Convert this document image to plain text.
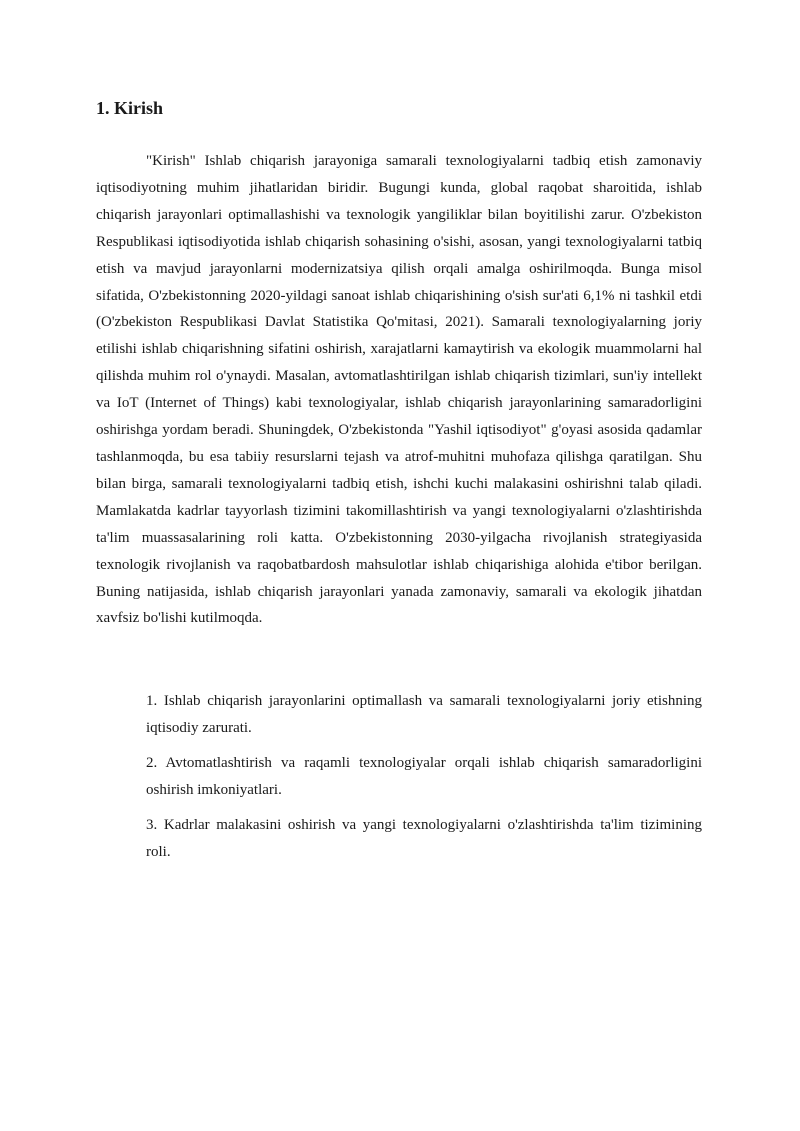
1. Kirish

"Kirish" Ishlab chiqarish jarayoniga samarali texnologiyalarni tadbiq etish zamonaviy iqtisodiyotning muhim jihatlaridan biridir. Bugungi kunda, global raqobat sharoitida, ishlab chiqarish jarayonlari optimallashishi va texnologik yangiliklar bilan boyitilishi zarur. O'zbekiston Respublikasi iqtisodiyotida ishlab chiqarish sohasining o'sishi, asosan, yangi texnologiyalarni tatbiq etish va mavjud jarayonlarni modernizatsiya qilish orqali amalga oshirilmoqda. Bunga misol sifatida, O'zbekistonning 2020-yildagi sanoat ishlab chiqarishining o'sish sur'ati 6,1% ni tashkil etdi (O'zbekiston Respublikasi Davlat Statistika Qo'mitasi, 2021). Samarali texnologiyalarning joriy etilishi ishlab chiqarishning sifatini oshirish, xarajatlarni kamaytirish va ekologik muammolarni hal qilishda muhim rol o'ynaydi. Masalan, avtomatlashtirilgan ishlab chiqarish tizimlari, sun'iy intellekt va IoT (Internet of Things) kabi texnologiyalar, ishlab chiqarish jarayonlarining samaradorligini oshirishga yordam beradi. Shuningdek, O'zbekistonda "Yashil iqtisodiyot" g'oyasi asosida qadamlar tashlanmoqda, bu esa tabiiy resurslarni tejash va atrof-muhitni muhofaza qilishga qaratilgan. Shu bilan birga, samarali texnologiyalarni tadbiq etish, ishchi kuchi malakasini oshirishni talab qiladi. Mamlakatda kadrlar tayyorlash tizimini takomillashtirish va yangi texnologiyalarni o'zlashtirishda ta'lim muassasalarining roli katta. O'zbekistonning 2030-yilgacha rivojlanish strategiyasida texnologik rivojlanish va raqobatbardosh mahsulotlar ishlab chiqarishiga alohida e'tibor berilgan. Buning natijasida, ishlab chiqarish jarayonlari yanada zamonaviy, samarali va ekologik jihatdan xavfsiz bo'lishi kutilmoqda.

1. Ishlab chiqarish jarayonlarini optimallash va samarali texnologiyalarni joriy etishning iqtisodiy zarurati.
2. Avtomatlashtirish va raqamli texnologiyalar orqali ishlab chiqarish samaradorligini oshirish imkoniyatlari.
3. Kadrlar malakasini oshirish va yangi texnologiyalarni o'zlashtirishda ta'lim tizimining roli.
